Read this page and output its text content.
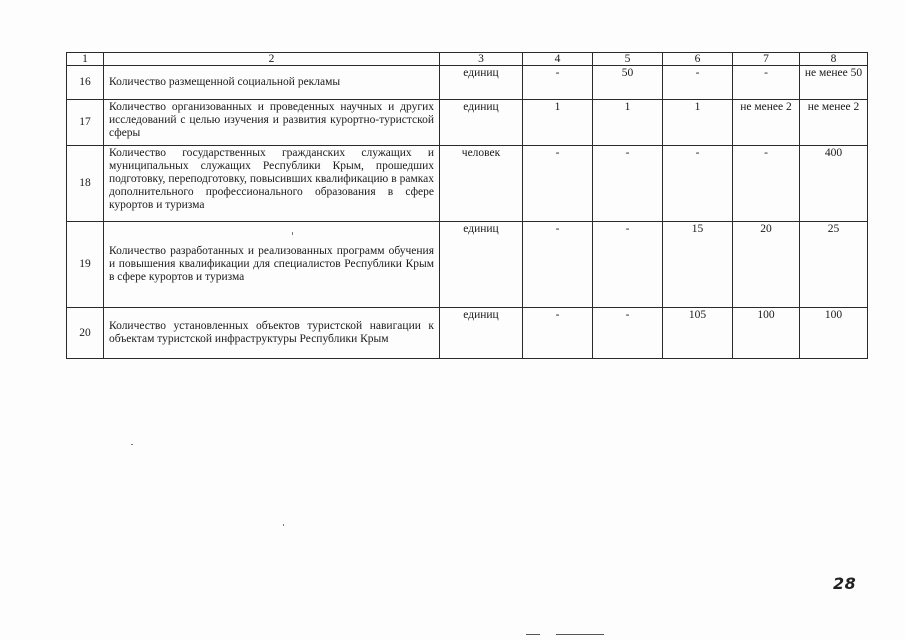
1	2	3	4	5	6	7	8
16	Количество размещенной социальной рекламы	единиц	-	50	-	-	не менее 50
17	Количество организованных и проведенных научных и других исследований с целью изучения и развития курортно-туристской сферы	единиц	1	1	1	не менее 2	не менее 2
18	Количество государственных гражданских служащих и муниципальных служащих Республики Крым, прошедших подготовку, переподготовку, повысивших квалификацию в рамках дополнительного профессионального образования в сфере курортов и туризма	человек	-	-	-	-	400
19	Количество разработанных и реализованных программ обучения и повышения квалификации для специалистов Республики Крым в сфере курортов и туризма	единиц	-	-	15	20	25
20	Количество установленных объектов туристской навигации к объектам туристской инфраструктуры Республики Крым	единиц	-	-	105	100	100
28
